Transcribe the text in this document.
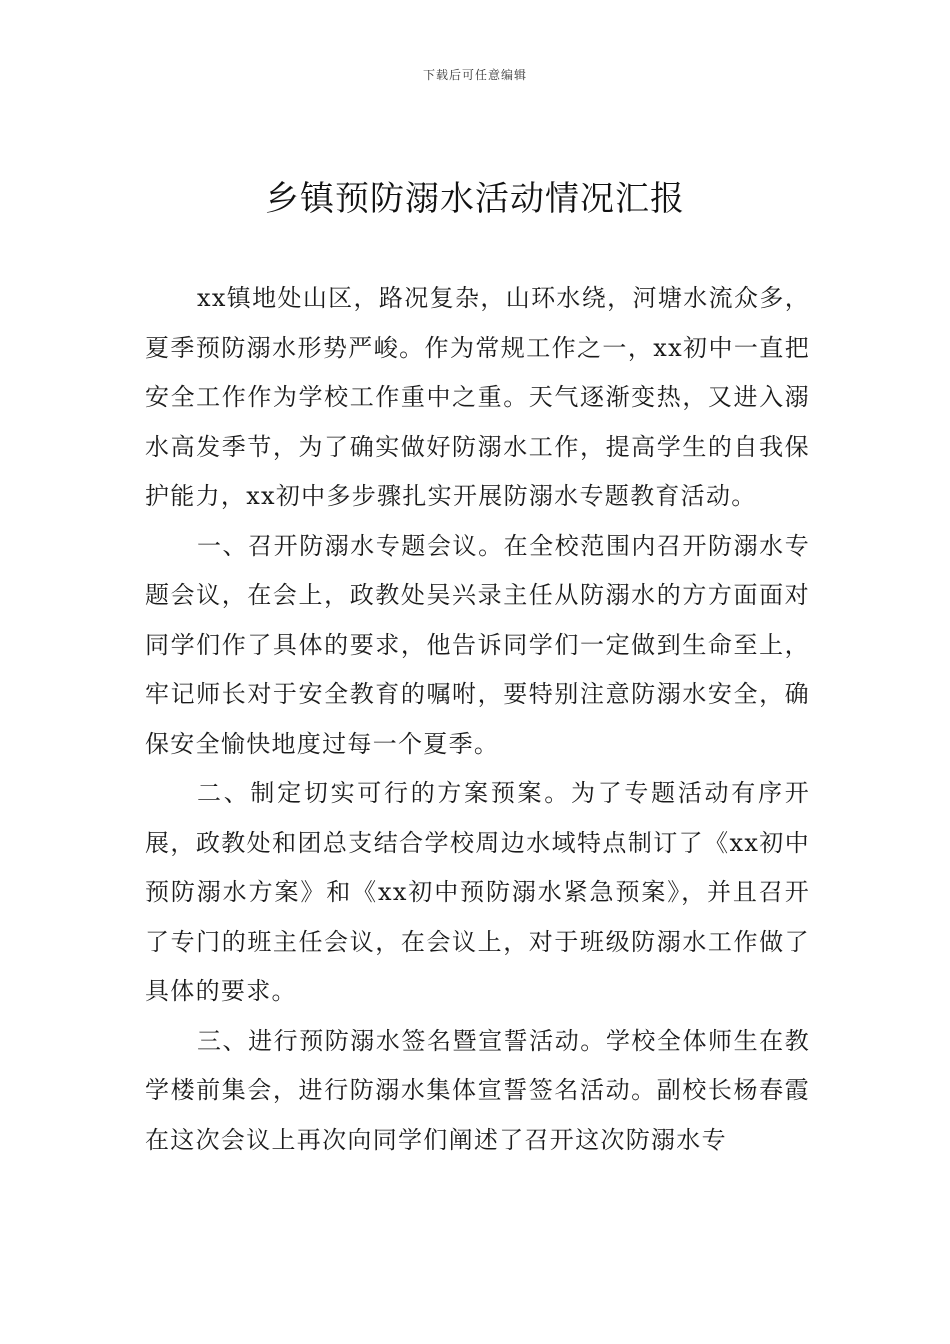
下载后可任意编辑
乡镇预防溺水活动情况汇报

xx镇地处山区，路况复杂，山环水绕，河塘水流众多，夏季预防溺水形势严峻。作为常规工作之一，xx初中一直把安全工作作为学校工作重中之重。天气逐渐变热，又进入溺水高发季节，为了确实做好防溺水工作，提高学生的自我保护能力，xx初中多步骤扎实开展防溺水专题教育活动。

一、召开防溺水专题会议。在全校范围内召开防溺水专题会议，在会上，政教处吴兴录主任从防溺水的方方面面对同学们作了具体的要求，他告诉同学们一定做到生命至上，牢记师长对于安全教育的嘱咐，要特别注意防溺水安全，确保安全愉快地度过每一个夏季。

二、制定切实可行的方案预案。为了专题活动有序开展，政教处和团总支结合学校周边水域特点制订了《xx初中预防溺水方案》和《xx初中预防溺水紧急预案》，并且召开了专门的班主任会议，在会议上，对于班级防溺水工作做了具体的要求。

三、进行预防溺水签名暨宣誓活动。学校全体师生在教学楼前集会，进行防溺水集体宣誓签名活动。副校长杨春霞在这次会议上再次向同学们阐述了召开这次防溺水专
